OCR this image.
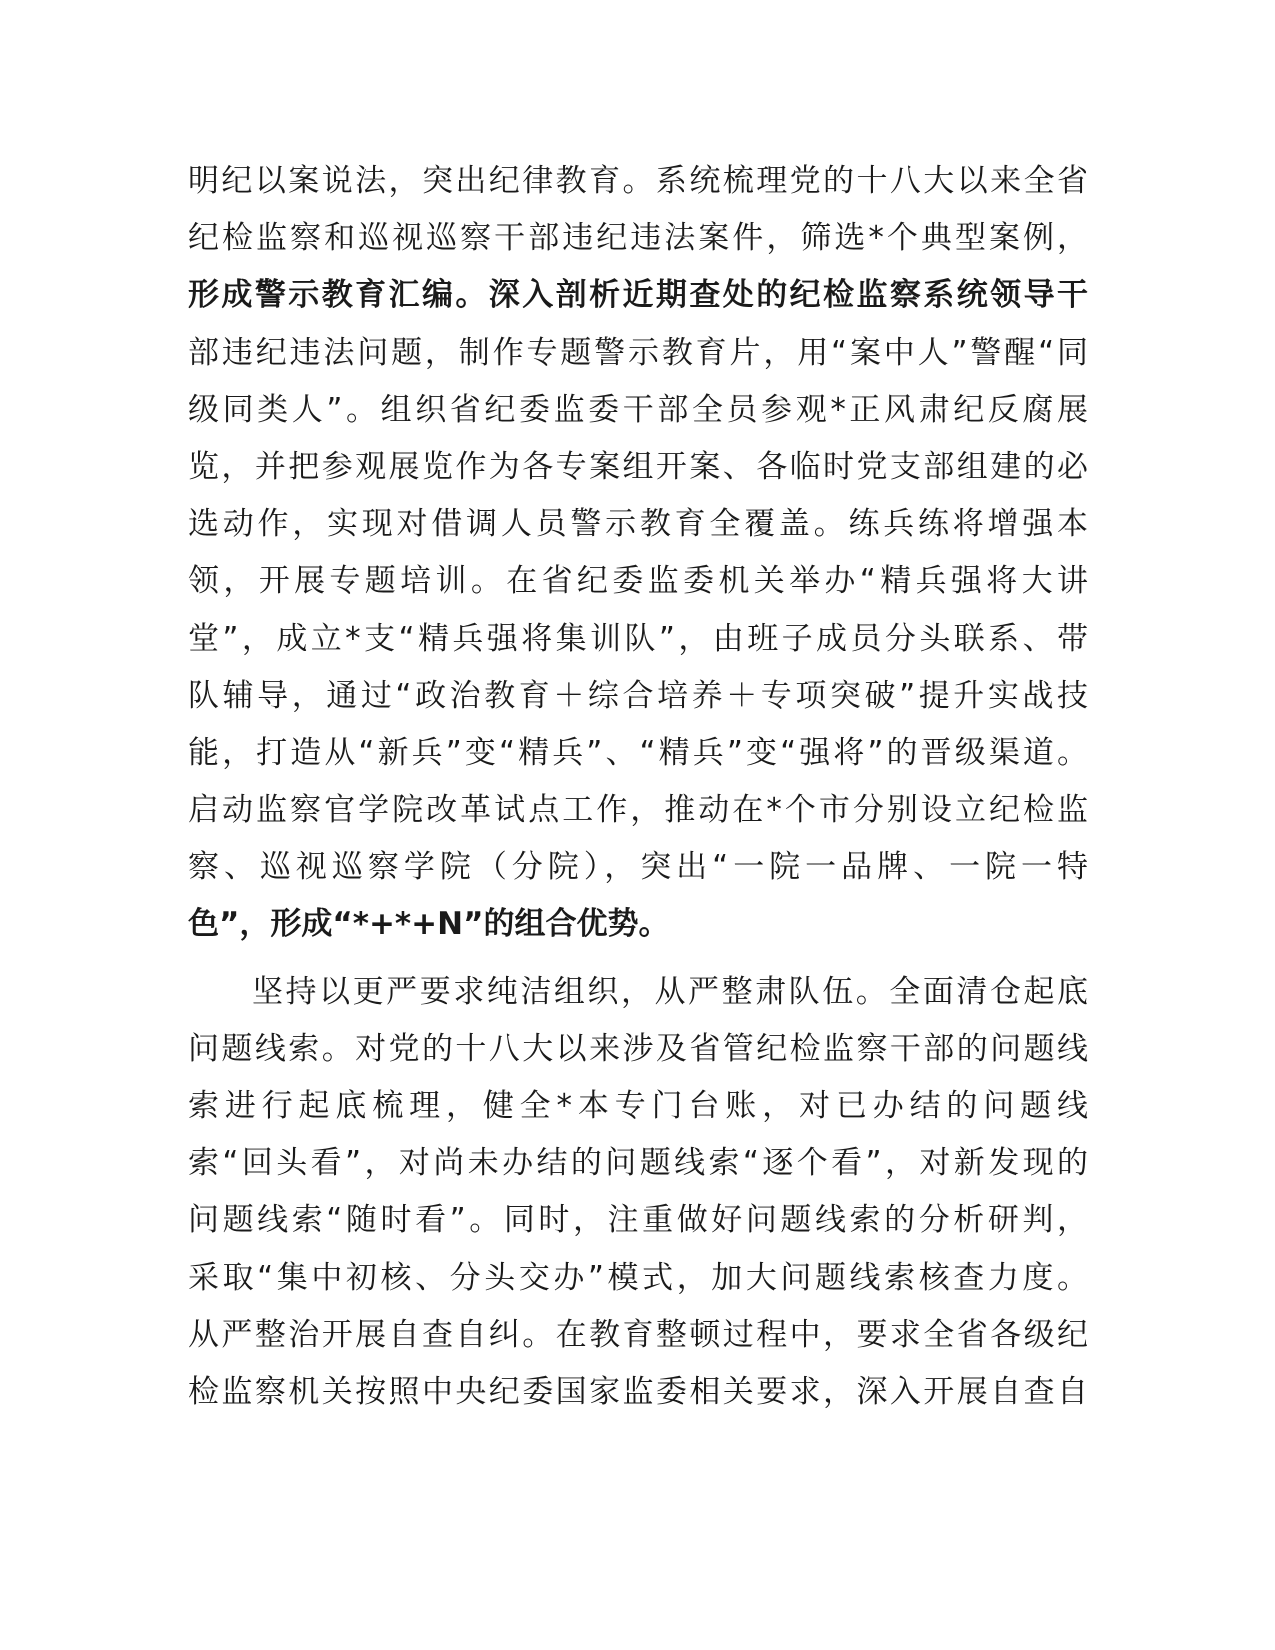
明纪以案说法，突出纪律教育。系统梳理党的十八大以来全省
纪检监察和巡视巡察干部违纪违法案件，筛选*个典型案例，
形成警示教育汇编。深入剖析近期查处的纪检监察系统领导干
部违纪违法问题，制作专题警示教育片，用“案中人”警醒“同
级同类人”。组织省纪委监委干部全员参观*正风肃纪反腐展
览，并把参观展览作为各专案组开案、各临时党支部组建的必
选动作，实现对借调人员警示教育全覆盖。练兵练将增强本
领，开展专题培训。在省纪委监委机关举办“精兵强将大讲
堂”，成立*支“精兵强将集训队”，由班子成员分头联系、带
队辅导，通过“政治教育＋综合培养＋专项突破”提升实战技
能，打造从“新兵”变“精兵”、“精兵”变“强将”的晋级渠道。
启动监察官学院改革试点工作，推动在*个市分别设立纪检监
察、巡视巡察学院（分院），突出“一院一品牌、一院一特
色”，形成“*+*+N”的组合优势。
坚持以更严要求纯洁组织，从严整肃队伍。全面清仓起底
问题线索。对党的十八大以来涉及省管纪检监察干部的问题线
索进行起底梳理，健全*本专门台账，对已办结的问题线
索“回头看”，对尚未办结的问题线索“逐个看”，对新发现的
问题线索“随时看”。同时，注重做好问题线索的分析研判，
采取“集中初核、分头交办”模式，加大问题线索核查力度。
从严整治开展自查自纠。在教育整顿过程中，要求全省各级纪
检监察机关按照中央纪委国家监委相关要求，深入开展自查自
